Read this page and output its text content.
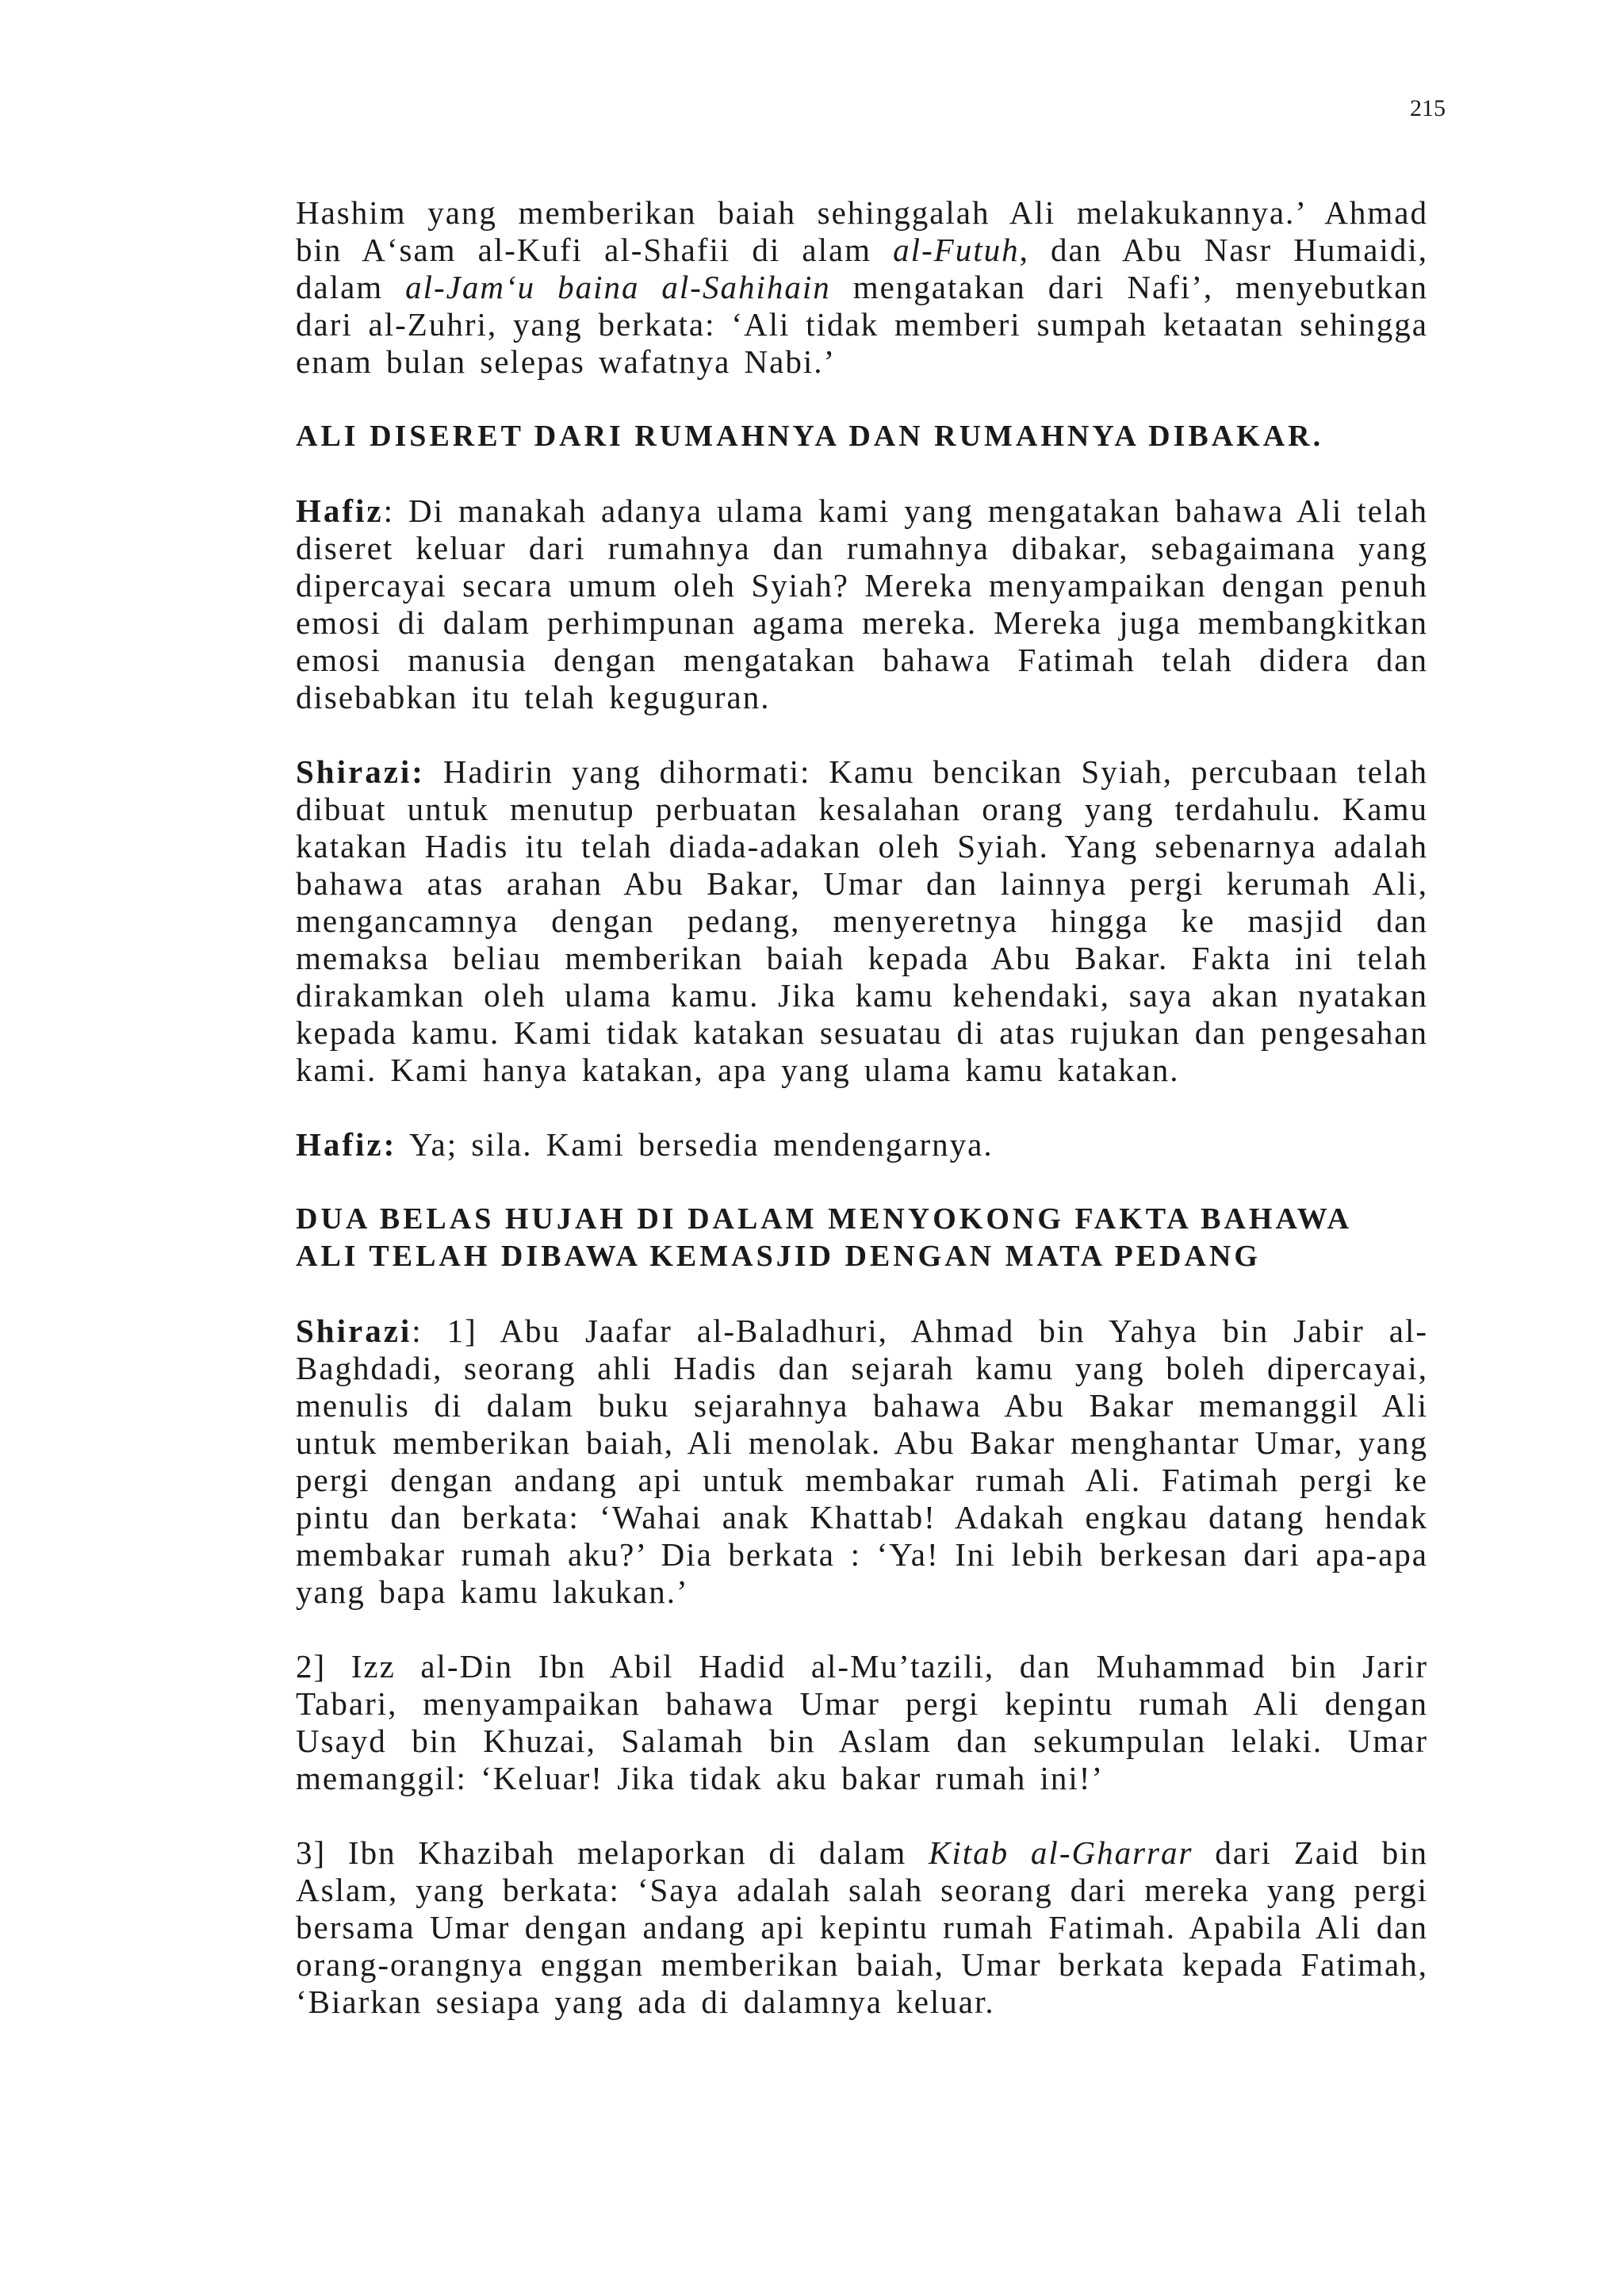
215

Hashim yang memberikan baiah sehinggalah Ali melakukannya.’ Ahmad bin A‘sam al-Kufi al-Shafii di alam al-Futuh, dan Abu Nasr Humaidi, dalam al-Jam‘u baina al-Sahihain mengatakan dari Nafi’, menyebutkan dari al-Zuhri, yang berkata: ‘Ali tidak memberi sumpah ketaatan sehingga enam bulan selepas wafatnya Nabi.’

ALI DISERET DARI RUMAHNYA DAN RUMAHNYA DIBAKAR.

Hafiz: Di manakah adanya ulama kami yang mengatakan bahawa Ali telah diseret keluar dari rumahnya dan rumahnya dibakar, sebagaimana yang dipercayai secara umum oleh Syiah? Mereka menyampaikan dengan penuh emosi di dalam perhimpunan agama mereka. Mereka juga membangkitkan emosi manusia dengan mengatakan bahawa Fatimah telah didera dan disebabkan itu telah keguguran.

Shirazi: Hadirin yang dihormati: Kamu bencikan Syiah, percubaan telah dibuat untuk menutup perbuatan kesalahan orang yang terdahulu. Kamu katakan Hadis itu telah diada-adakan oleh Syiah. Yang sebenarnya adalah bahawa atas arahan Abu Bakar, Umar dan lainnya pergi kerumah Ali, mengancamnya dengan pedang, menyeretnya hingga ke masjid dan memaksa beliau memberikan baiah kepada Abu Bakar. Fakta ini telah dirakamkan oleh ulama kamu. Jika kamu kehendaki, saya akan nyatakan kepada kamu. Kami tidak katakan sesuatau di atas rujukan dan pengesahan kami. Kami hanya katakan, apa yang ulama kamu katakan.

Hafiz: Ya; sila. Kami bersedia mendengarnya.

DUA BELAS HUJAH DI DALAM MENYOKONG FAKTA BAHAWA
ALI TELAH DIBAWA KEMASJID DENGAN MATA PEDANG

Shirazi: 1] Abu Jaafar al-Baladhuri, Ahmad bin Yahya bin Jabir al-Baghdadi, seorang ahli Hadis dan sejarah kamu yang boleh dipercayai, menulis di dalam buku sejarahnya bahawa Abu Bakar memanggil Ali untuk memberikan baiah, Ali menolak. Abu Bakar menghantar Umar, yang pergi dengan andang api untuk membakar rumah Ali. Fatimah pergi ke pintu dan berkata: ‘Wahai anak Khattab! Adakah engkau datang hendak membakar rumah aku?’ Dia berkata : ‘Ya! Ini lebih berkesan dari apa-apa yang bapa kamu lakukan.’

2] Izz al-Din Ibn Abil Hadid al-Mu’tazili, dan Muhammad bin Jarir Tabari, menyampaikan bahawa Umar pergi kepintu rumah Ali dengan Usayd bin Khuzai, Salamah bin Aslam dan sekumpulan lelaki. Umar memanggil: ‘Keluar! Jika tidak aku bakar rumah ini!’

3] Ibn Khazibah melaporkan di dalam Kitab al-Gharrar dari Zaid bin Aslam, yang berkata: ‘Saya adalah salah seorang dari mereka yang pergi bersama Umar dengan andang api kepintu rumah Fatimah. Apabila Ali dan orang-orangnya enggan memberikan baiah, Umar berkata kepada Fatimah, ‘Biarkan sesiapa yang ada di dalamnya keluar.
